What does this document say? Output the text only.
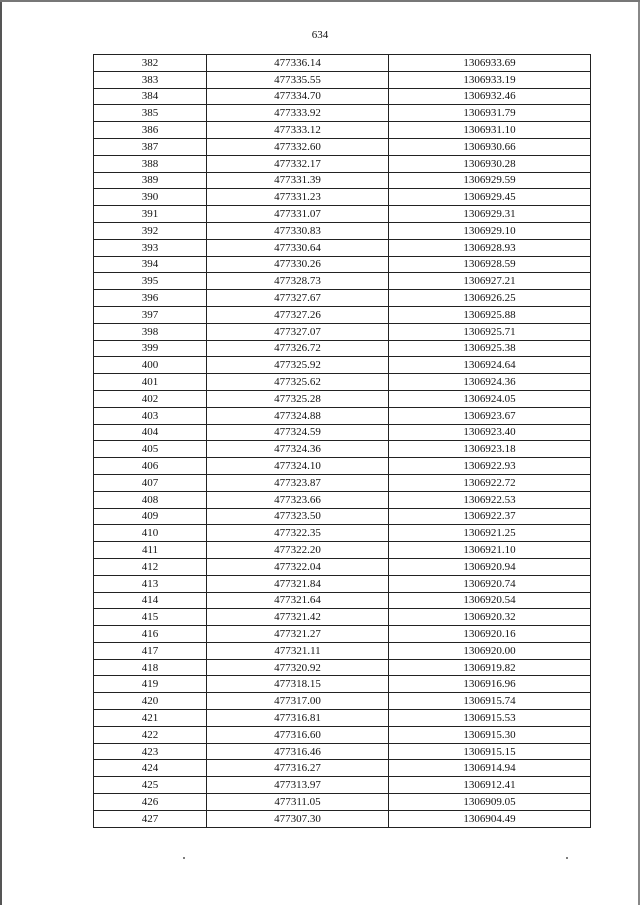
634
382	477336.14	1306933.69
383	477335.55	1306933.19
384	477334.70	1306932.46
385	477333.92	1306931.79
386	477333.12	1306931.10
387	477332.60	1306930.66
388	477332.17	1306930.28
389	477331.39	1306929.59
390	477331.23	1306929.45
391	477331.07	1306929.31
392	477330.83	1306929.10
393	477330.64	1306928.93
394	477330.26	1306928.59
395	477328.73	1306927.21
396	477327.67	1306926.25
397	477327.26	1306925.88
398	477327.07	1306925.71
399	477326.72	1306925.38
400	477325.92	1306924.64
401	477325.62	1306924.36
402	477325.28	1306924.05
403	477324.88	1306923.67
404	477324.59	1306923.40
405	477324.36	1306923.18
406	477324.10	1306922.93
407	477323.87	1306922.72
408	477323.66	1306922.53
409	477323.50	1306922.37
410	477322.35	1306921.25
411	477322.20	1306921.10
412	477322.04	1306920.94
413	477321.84	1306920.74
414	477321.64	1306920.54
415	477321.42	1306920.32
416	477321.27	1306920.16
417	477321.11	1306920.00
418	477320.92	1306919.82
419	477318.15	1306916.96
420	477317.00	1306915.74
421	477316.81	1306915.53
422	477316.60	1306915.30
423	477316.46	1306915.15
424	477316.27	1306914.94
425	477313.97	1306912.41
426	477311.05	1306909.05
427	477307.30	1306904.49
